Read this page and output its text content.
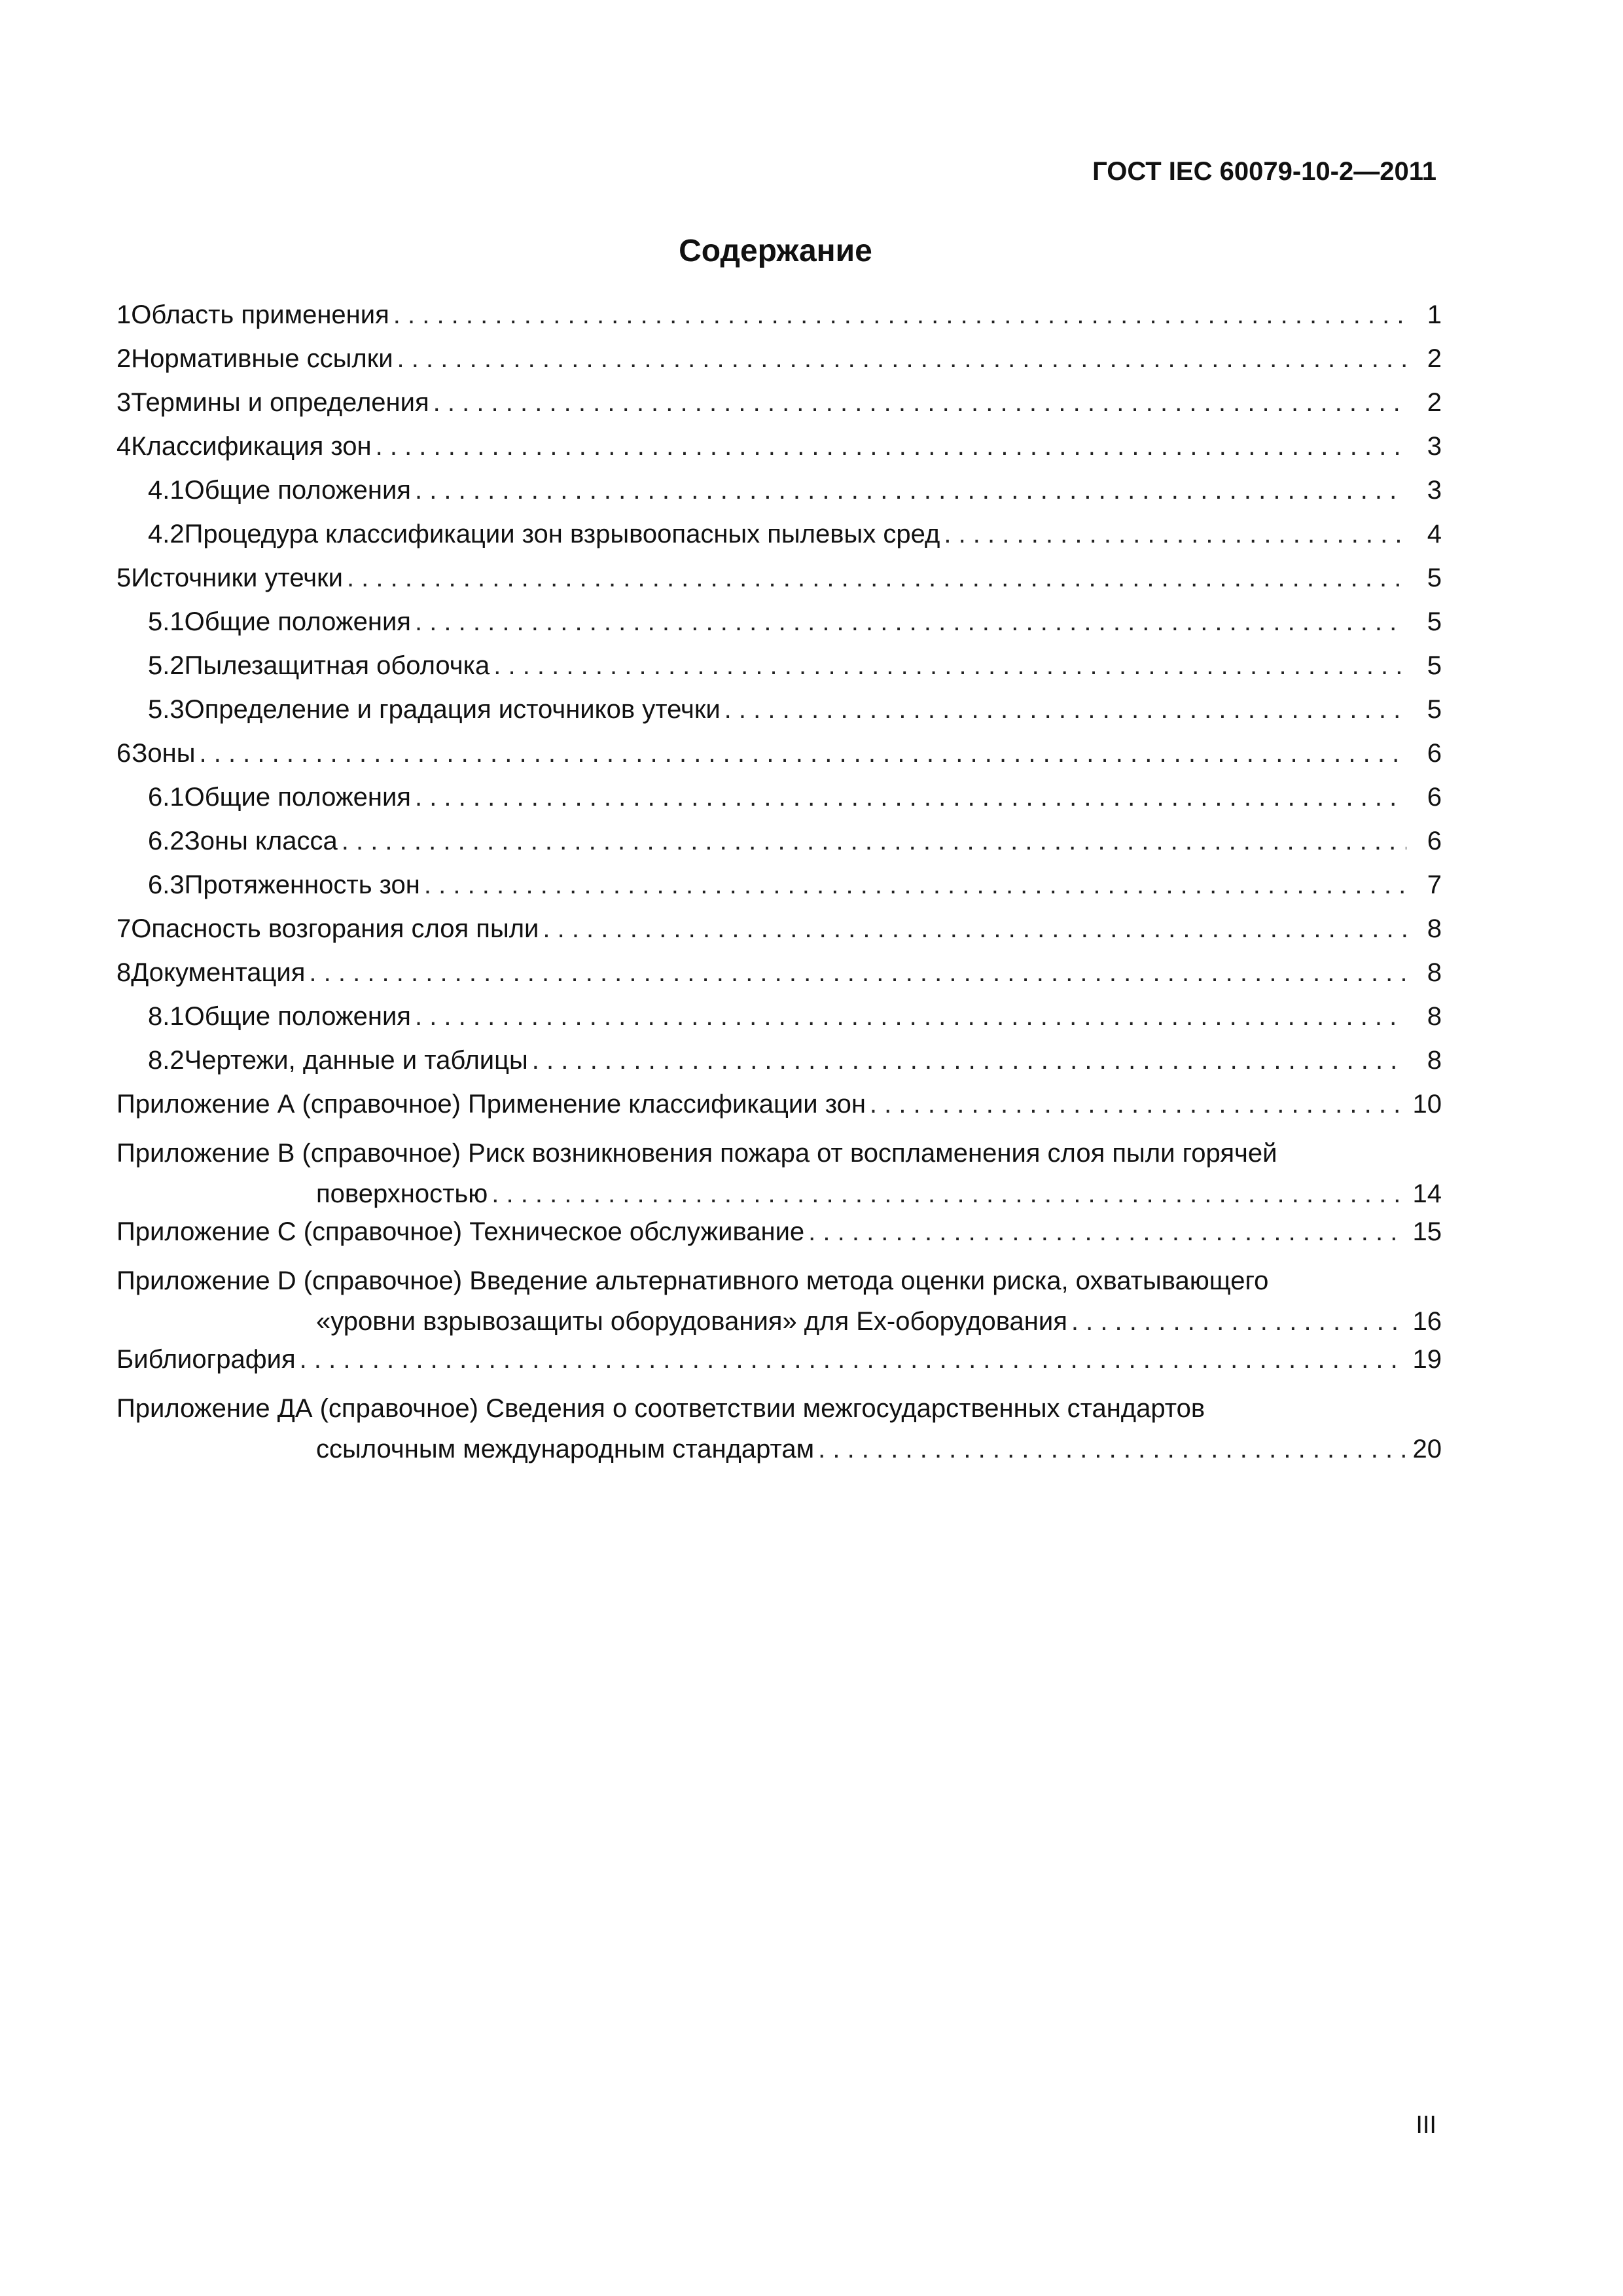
ГОСТ IEC 60079-10-2—2011
Содержание
1 Область применения . . .	1
2 Нормативные ссылки . . .	2
3 Термины и определения . . .	2
4 Классификация зон . . .	3
4.1 Общие положения . . .	3
4.2 Процедура классификации зон взрывоопасных пылевых сред . . .	4
5 Источники утечки . . .	5
5.1 Общие положения . . .	5
5.2 Пылезащитная оболочка . . .	5
5.3 Определение и градация источников утечки . . .	5
6 Зоны . . .	6
6.1 Общие положения . . .	6
6.2 Зоны класса . . .	6
6.3 Протяженность зон . . .	7
7 Опасность возгорания слоя пыли . . .	8
8 Документация . . .	8
8.1 Общие положения . . .	8
8.2 Чертежи, данные и таблицы . . .	8
Приложение А (справочное) Применение классификации зон . . .	10
Приложение В (справочное) Риск возникновения пожара от воспламенения слоя пыли горячей
поверхностью . . .	14
Приложение С (справочное) Техническое обслуживание . . .	15
Приложение D (справочное) Введение альтернативного метода оценки риска, охватывающего
«уровни взрывозащиты оборудования» для Ex-оборудования . . .	16
Библиография . . .	19
Приложение ДА (справочное) Сведения о соответствии межгосударственных стандартов
ссылочным международным стандартам . . .	20
III
